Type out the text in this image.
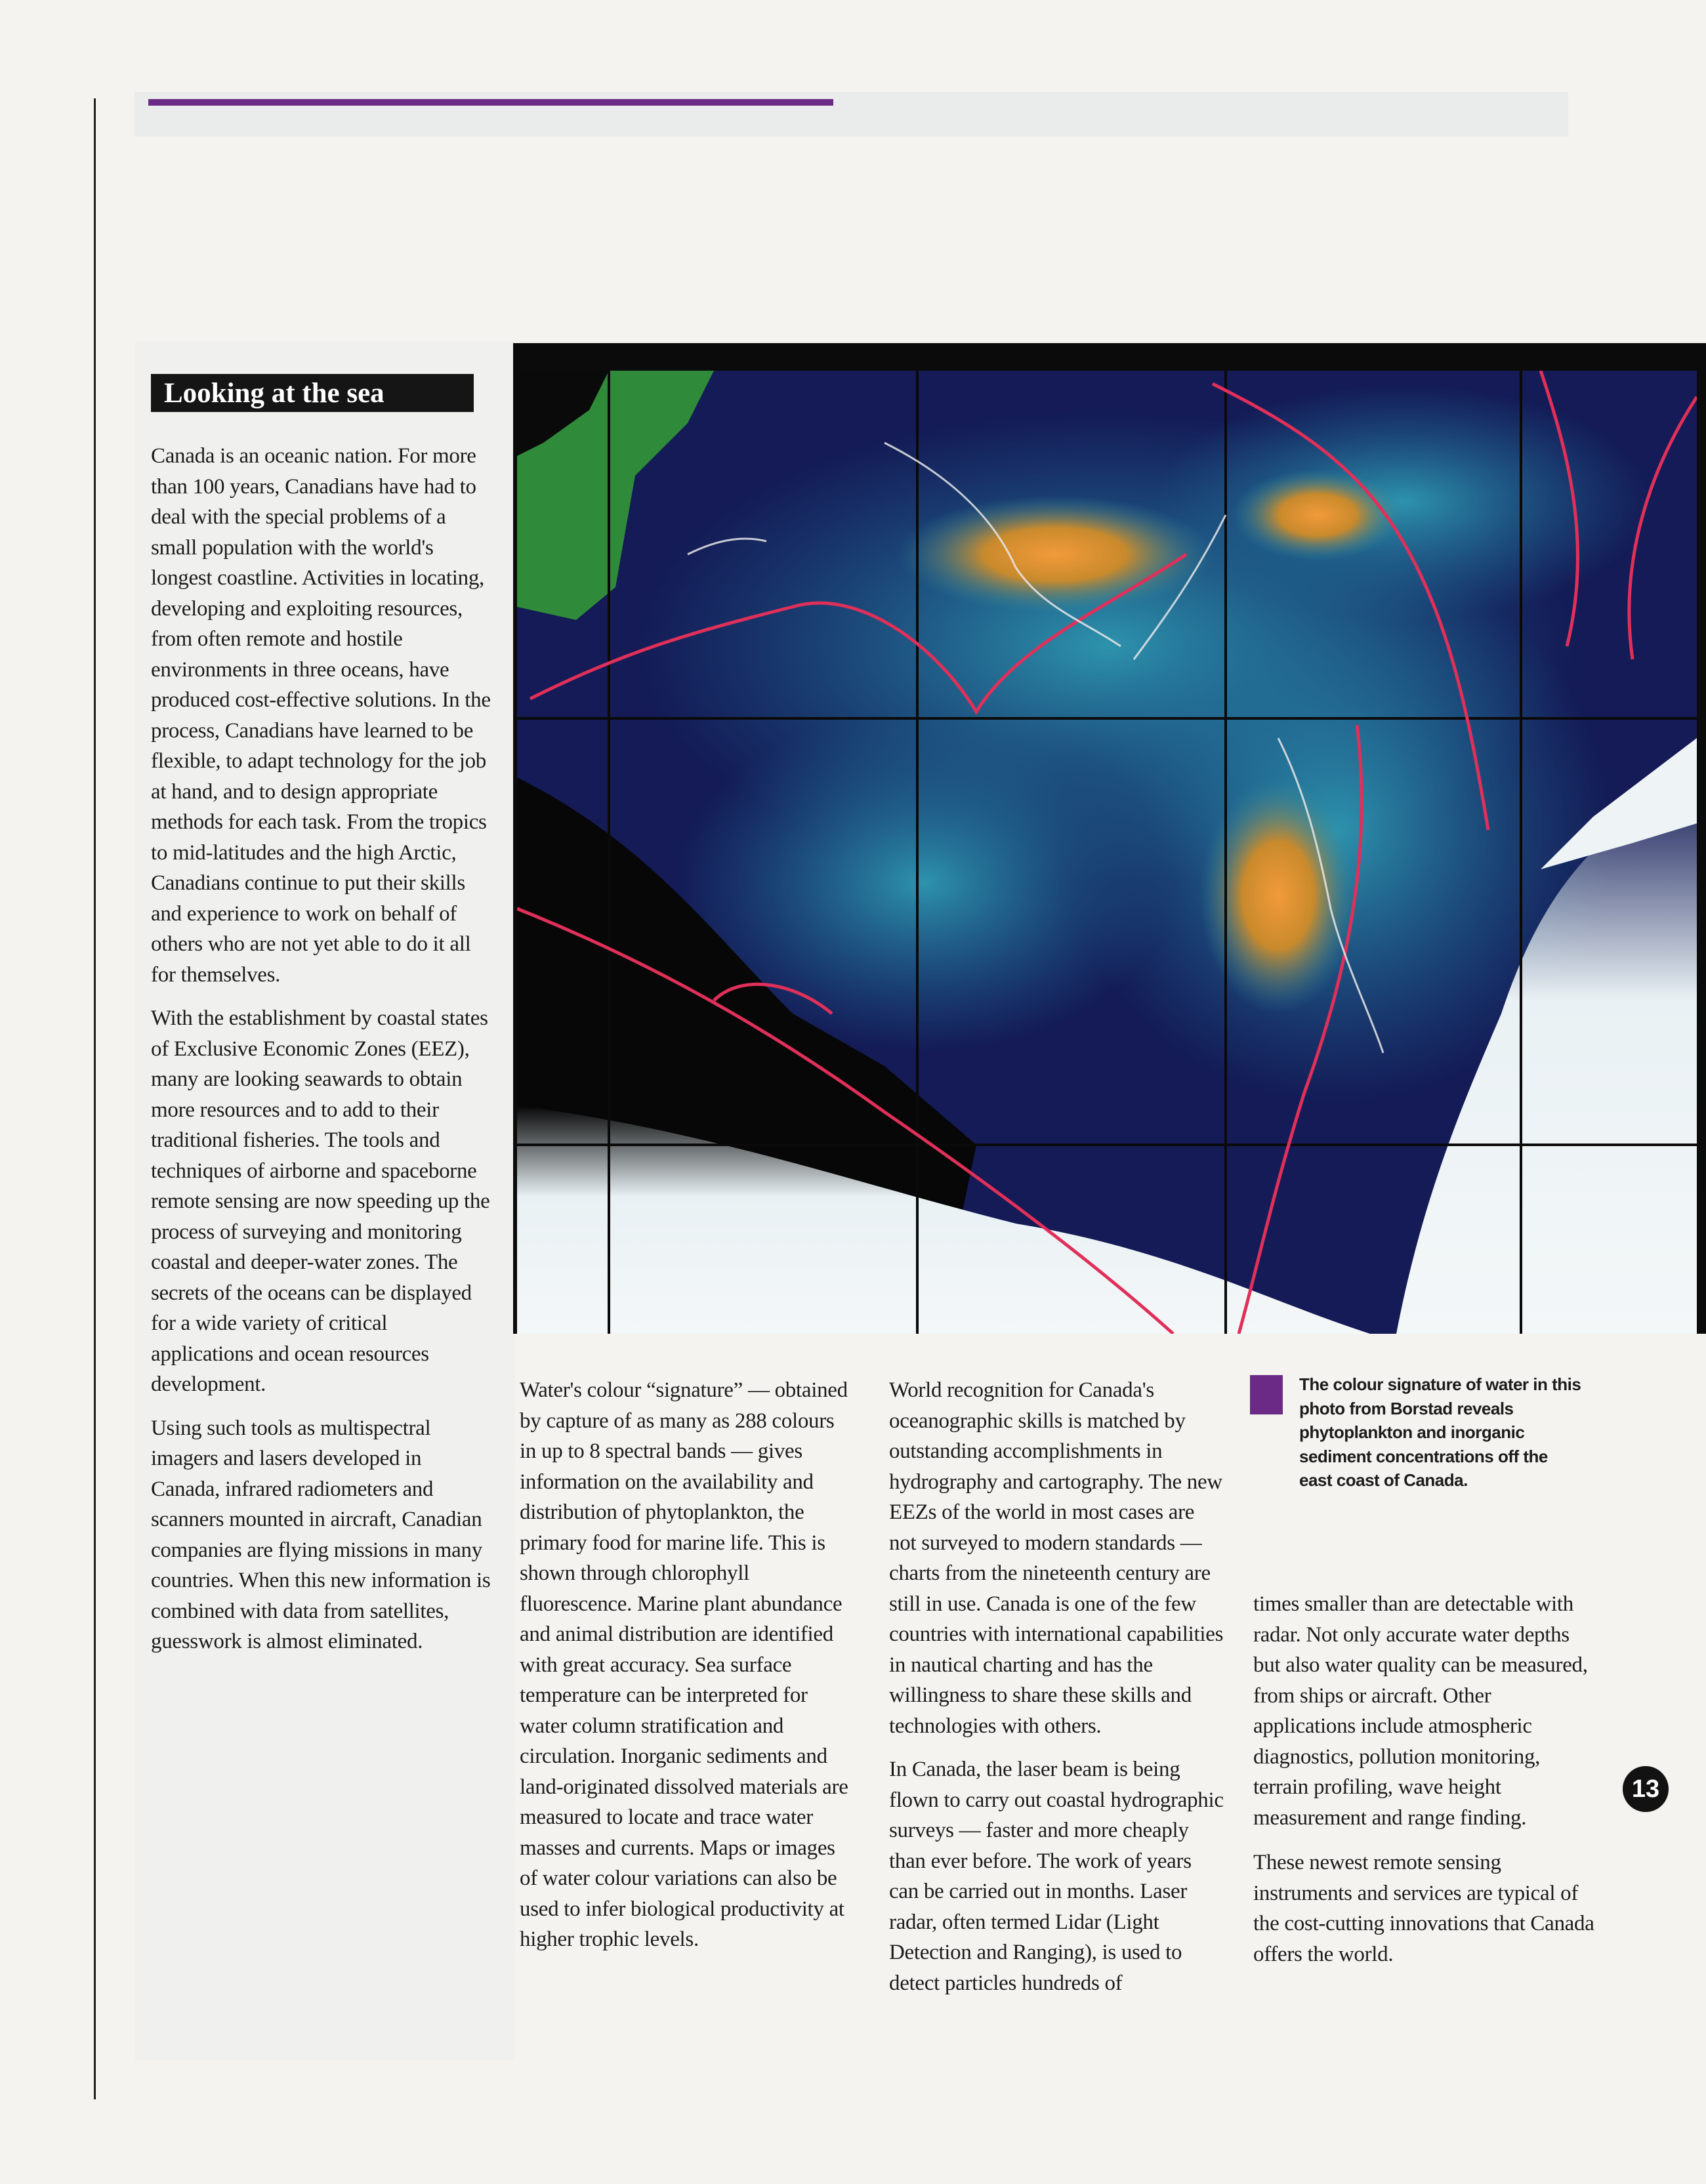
Looking at the sea

Canada is an oceanic nation. For more than 100 years, Canadians have had to deal with the special problems of a small population with the world's longest coastline. Activities in locating, developing and exploiting resources, from often remote and hostile environments in three oceans, have produced cost-effective solutions. In the process, Canadians have learned to be flexible, to adapt technology for the job at hand, and to design appropriate methods for each task. From the tropics to mid-latitudes and the high Arctic, Canadians continue to put their skills and experience to work on behalf of others who are not yet able to do it all for themselves.

With the establishment by coastal states of Exclusive Economic Zones (EEZ), many are looking seawards to obtain more resources and to add to their traditional fisheries. The tools and techniques of airborne and spaceborne remote sensing are now speeding up the process of surveying and monitoring coastal and deeper-water zones. The secrets of the oceans can be displayed for a wide variety of critical applications and ocean resources development.

Using such tools as multispectral imagers and lasers developed in Canada, infrared radiometers and scanners mounted in aircraft, Canadian companies are flying missions in many countries. When this new information is combined with data from satellites, guesswork is almost eliminated.

Water's colour “signature” — obtained by capture of as many as 288 colours in up to 8 spectral bands — gives information on the availability and distribution of phytoplankton, the primary food for marine life. This is shown through chlorophyll fluorescence. Marine plant abundance and animal distribution are identified with great accuracy. Sea surface temperature can be interpreted for water column stratification and circulation. Inorganic sediments and land-originated dissolved materials are measured to locate and trace water masses and currents. Maps or images of water colour variations can also be used to infer biological productivity at higher trophic levels.

World recognition for Canada's oceanographic skills is matched by outstanding accomplishments in hydrography and cartography. The new EEZs of the world in most cases are not surveyed to modern standards — charts from the nineteenth century are still in use. Canada is one of the few countries with international capabilities in nautical charting and has the willingness to share these skills and technologies with others.

In Canada, the laser beam is being flown to carry out coastal hydrographic surveys — faster and more cheaply than ever before. The work of years can be carried out in months. Laser radar, often termed Lidar (Light Detection and Ranging), is used to detect particles hundreds of

The colour signature of water in this photo from Borstad reveals phytoplankton and inorganic sediment concentrations off the east coast of Canada.

times smaller than are detectable with radar. Not only accurate water depths but also water quality can be measured, from ships or aircraft. Other applications include atmospheric diagnostics, pollution monitoring, terrain profiling, wave height measurement and range finding.

These newest remote sensing instruments and services are typical of the cost-cutting innovations that Canada offers the world.

13
